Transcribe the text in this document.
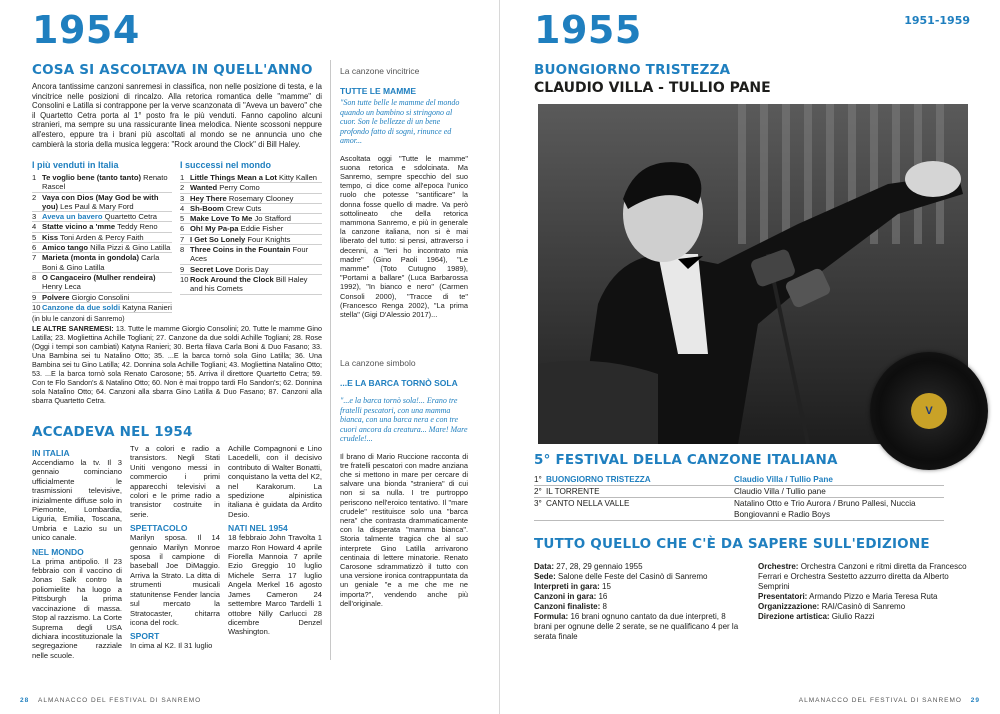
1954
COSA SI ASCOLTAVA IN QUELL'ANNO
Ancora tantissime canzoni sanremesi in classifica, non nelle posizione di testa, e la vincitrice nelle posizioni di rincalzo. Alla retorica romantica delle "mamme" di Consolini e Latilla si contrappone per la verve scanzonata di "Aveva un bavero" che il Quartetto Cetra porta al 1° posto fra le più venduti. Fanno capolino alcuni stranieri, ma sempre su una rassicurante linea melodica. Niente scossoni neppure all'estero, eppure tra i brani più ascoltati al mondo se ne annuncia uno che cambierà la storia della musica leggera: "Rock around the Clock" di Bill Haley.
I più venduti in Italia
1 Te voglio bene (tanto tanto) Renato Rascel
2 Vaya con Dios (May God be with you) Les Paul & Mary Ford
3 Aveva un bavero Quartetto Cetra
4 Statte vicino a 'mme Teddy Reno
5 Kiss Toni Arden & Percy Faith
6 Amico tango Nilla Pizzi & Gino Latilla
7 Marieta (monta in gondola) Carla Boni & Gino Latilla
8 O Cangaceiro (Mulher rendeira) Henry Leca
9 Polvere Giorgio Consolini
10 Canzone da due soldi Katyna Ranieri
(in blu le canzoni di Sanremo)
I successi nel mondo
1 Little Things Mean a Lot Kitty Kallen
2 Wanted Perry Como
3 Hey There Rosemary Clooney
4 Sh-Boom Crew Cuts
5 Make Love To Me Jo Stafford
6 Oh! My Pa-pa Eddie Fisher
7 I Get So Lonely Four Knights
8 Three Coins in the Fountain Four Aces
9 Secret Love Doris Day
10 Rock Around the Clock Bill Haley and his Comets
LE ALTRE SANREMESI: 13. Tutte le mamme Giorgio Consolini; 20. Tutte le mamme Gino Latilla; 23. Mogliettina Achille Togliani; 27. Canzone da due soldi Achille Togliani; 28. Rose (Oggi i tempi son cambiati) Katyna Ranieri; 30. Berta filava Carla Boni & Duo Fasano; 33. Una Bambina sei tu Natalino Otto; 35. ...E la barca tornò sola Gino Latilla; 36. Una Bambina sei tu Gino Latilla; 42. Donnina sola Achille Togliani; 43. Mogliettina Natalino Otto; 53. ...E la barca tornò sola Renato Carosone; 55. Arriva il direttore Quartetto Cetra; 59. Con te Flo Sandon's & Natalino Otto; 60. Non è mai troppo tardi Flo Sandon's; 62. Donnina sola Natalino Otto; 64. Canzoni alla sbarra Gino Latilla & Duo Fasano; 87. Canzoni alla sbarra Quartetto Cetra.
ACCADEVA NEL 1954
IN ITALIA
Accendiamo la tv. Il 3 gennaio cominciano ufficialmente le trasmissioni televisive, inizialmente diffuse solo in Piemonte, Lombardia, Liguria, Emilia, Toscana, Umbria e Lazio su un unico canale.
NEL MONDO
La prima antipolio. Il 23 febbraio con il vaccino di Jonas Salk contro la poliomielite ha luogo a Pittsburgh la prima vaccinazione di massa. Stop al razzismo. La Corte Suprema degli USA dichiara incostituzionale la segregazione razziale nelle scuole.
Tv a colori e radio a transistors. Negli Stati Uniti vengono messi in commercio i primi apparecchi televisivi a colori e le prime radio a transistor costruite in serie.
SPETTACOLO
Marilyn sposa. Il 14 gennaio Marilyn Monroe sposa il campione di baseball Joe DiMaggio. Arriva la Strato. La ditta di strumenti musicali statunitense Fender lancia sul mercato la Stratocaster, chitarra icona del rock.
SPORT
In cima al K2. Il 31 luglio
Achille Compagnoni e Lino Lacedelli, con il decisivo contributo di Walter Bonatti, conquistano la vetta del K2, nel Karakorum. La spedizione alpinistica italiana è guidata da Ardito Desio.
NATI NEL 1954
18 febbraio John Travolta 1 marzo Ron Howard 4 aprile Fiorella Mannoia 7 aprile Ezio Greggio 10 luglio Michele Serra 17 luglio Angela Merkel 16 agosto James Cameron 24 settembre Marco Tardelli 1 ottobre Nilly Carlucci 28 dicembre Denzel Washington.
La canzone vincitrice
TUTTE LE MAMME
"Son tutte belle le mamme del mondo quando un bambino si stringono al cuor. Son le bellezze di un bene profondo fatto di sogni, rinunce ed amor...
Ascoltata oggi "Tutte le mamme" suona retorica e sdolcinata. Ma Sanremo, sempre specchio del suo tempo, ci dice come all'epoca l'unico ruolo che potesse "santificare" la donna fosse quello di madre. Va però sottolineato che della retorica mammona Sanremo, e più in generale la canzone italiana, non si è mai liberato del tutto: si pensi, attraverso i decenni, a "Ieri ho incontrato mia madre" (Gino Paoli 1964), "Le mamme" (Toto Cutugno 1989), "Portami a ballare" (Luca Barbarossa 1992), "In bianco e nero" (Carmen Consoli 2000), "Tracce di te" (Francesco Renga 2002), "La prima stella" (Gigi D'Alessio 2017)...
La canzone simbolo
...E LA BARCA TORNÒ SOLA
"...e la barca tornò sola!... Erano tre fratelli pescatori, con una mamma bianca, con una barca nera e con tre cuori ancora da creatura... Mare! Mare crudele!...
Il brano di Mario Ruccione racconta di tre fratelli pescatori con madre anziana che si mettono in mare per cercare di salvare una bionda "straniera" di cui non si sa nulla. I tre purtroppo periscono nell'eroico tentativo. Il "mare crudele" restituisce solo una "barca nera" che contrasta drammaticamente con la disperata "mamma bianca". Storia talmente tragica che al suo interprete Gino Latilla arrivarono centinaia di lettere minatorie. Renato Carosone sdrammatizzò il tutto con una versione ironica contrappuntata da un geniale "e a me che me ne importa?", vendendo anche più dell'originale.
28 ALMANACCO DEL FESTIVAL DI SANREMO
1955	1951-1959
BUONGIORNO TRISTEZZA
CLAUDIO VILLA - TULLIO PANE
V
5° FESTIVAL DELLA CANZONE ITALIANA
1° BUONGIORNO TRISTEZZA	Claudio Villa / Tullio Pane
2° IL TORRENTE	Claudio Villa / Tullio pane
3° CANTO NELLA VALLE	Natalino Otto e Trio Aurora / Bruno Pallesi, Nuccia Bongiovanni e Radio Boys
TUTTO QUELLO CHE C'È DA SAPERE SULL'EDIZIONE
Data: 27, 28, 29 gennaio 1955
Sede: Salone delle Feste del Casinò di Sanremo
Interpreti in gara: 15
Canzoni in gara: 16
Canzoni finaliste: 8
Formula: 16 brani ognuno cantato da due interpreti, 8 brani per ognune delle 2 serate, se ne qualificano 4 per la serata finale
Orchestre: Orchestra Canzoni e ritmi diretta da Francesco Ferrari e Orchestra Sestetto azzurro diretta da Alberto Semprini
Presentatori: Armando Pizzo e Maria Teresa Ruta
Organizzazione: RAI/Casinò di Sanremo
Direzione artistica: Giulio Razzi
ALMANACCO DEL FESTIVAL DI SANREMO 29
